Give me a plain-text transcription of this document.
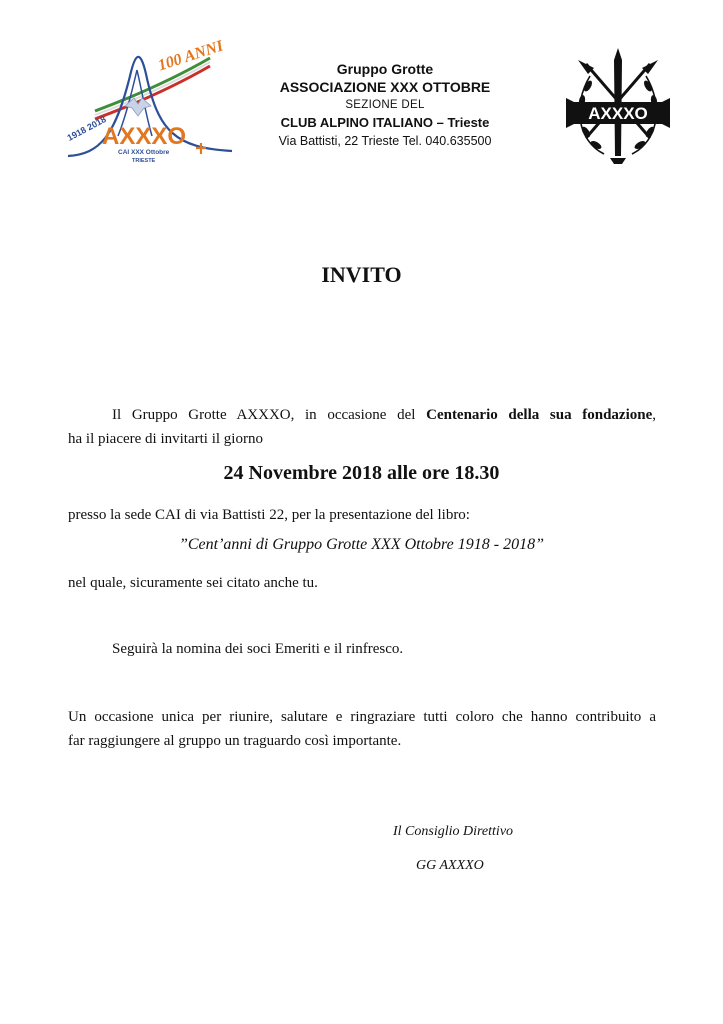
100 ANNI
1918 2018
AXXXO
CAI XXX Ottobre
TRIESTE
Gruppo Grotte
ASSOCIAZIONE XXX OTTOBRE
SEZIONE DEL
CLUB ALPINO ITALIANO – Trieste
Via Battisti, 22 Trieste Tel. 040.635500
AXXXO
INVITO
Il Gruppo Grotte AXXXO, in occasione del Centenario della sua fondazione,
ha il piacere di invitarti il giorno
24 Novembre 2018 alle ore 18.30
presso la sede CAI di via Battisti 22, per la presentazione del libro:
”Cent’anni di Gruppo Grotte XXX Ottobre 1918 - 2018”
nel quale, sicuramente sei citato anche tu.
Seguirà la nomina dei soci Emeriti e il rinfresco.
Un occasione unica per riunire, salutare e ringraziare tutti coloro che hanno contribuito a
far raggiungere al gruppo un traguardo così importante.
Il Consiglio Direttivo
GG AXXXO
